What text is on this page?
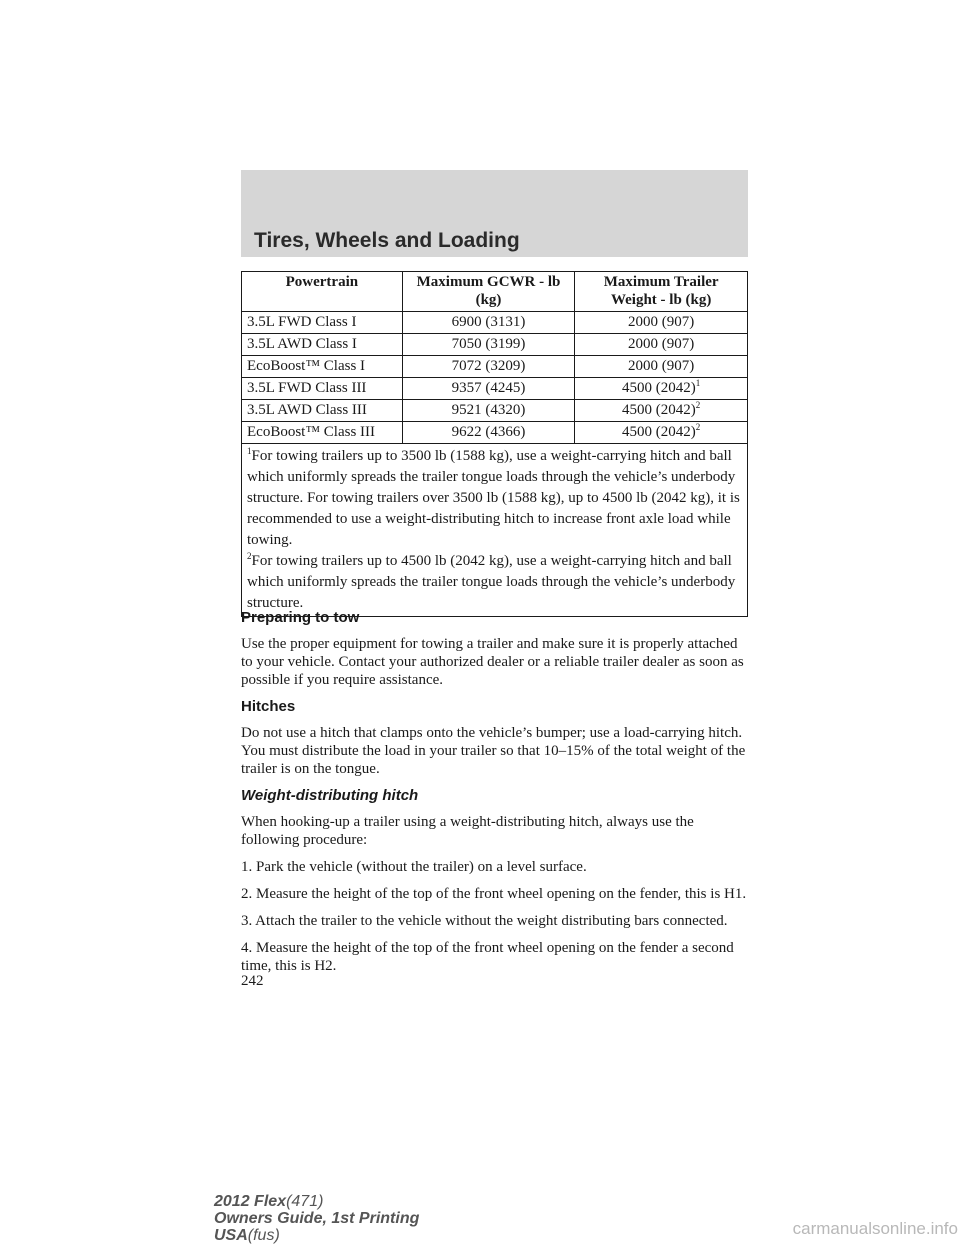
Tires, Wheels and Loading
Powertrain	Maximum GCWR - lb (kg)	Maximum Trailer Weight - lb (kg)
3.5L FWD Class I	6900 (3131)	2000 (907)
3.5L AWD Class I	7050 (3199)	2000 (907)
EcoBoost™ Class I	7072 (3209)	2000 (907)
3.5L FWD Class III	9357 (4245)	4500 $(2042)^1$
3.5L AWD Class III	9521 (4320)	4500 $(2042)^2$
EcoBoost™ Class III	9622 (4366)	4500 $(2042)^2$
$^1$For towing trailers up to 3500 lb (1588 kg), use a weight-carrying hitch and ball which uniformly spreads the trailer tongue loads through the vehicle’s underbody structure. For towing trailers over 3500 lb (1588 kg), up to 4500 lb (2042 kg), it is recommended to use a weight-distributing hitch to increase front axle load while towing.
$^2$For towing trailers up to 4500 lb (2042 kg), use a weight-carrying hitch and ball which uniformly spreads the trailer tongue loads through the vehicle’s underbody structure.		
Preparing to tow

Use the proper equipment for towing a trailer and make sure it is properly attached to your vehicle. Contact your authorized dealer or a reliable trailer dealer as soon as possible if you require assistance.

Hitches

Do not use a hitch that clamps onto the vehicle’s bumper; use a load-carrying hitch. You must distribute the load in your trailer so that 10–15% of the total weight of the trailer is on the tongue.

Weight-distributing hitch

When hooking-up a trailer using a weight-distributing hitch, always use the following procedure:

1. Park the vehicle (without the trailer) on a level surface.

2. Measure the height of the top of the front wheel opening on the fender, this is H1.

3. Attach the trailer to the vehicle without the weight distributing bars connected.

4. Measure the height of the top of the front wheel opening on the fender a second time, this is H2.

242

2012 Flex(471)
Owners Guide, 1st Printing
USA(fus)	carmanualsonline.info
